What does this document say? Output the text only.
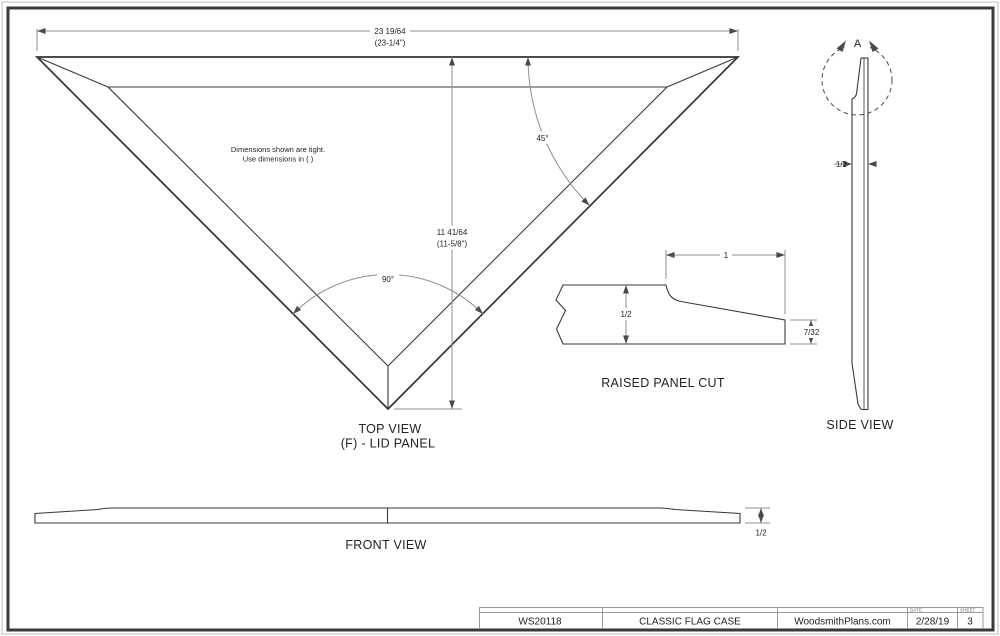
Dimensions shown are tight.
Use dimensions in ( )
23 19/64
(23-1/4")
11 41/64
(11-5/8")
45°
90°
TOP VIEW
(F) - LID PANEL
1
1/2
7/32
RAISED PANEL CUT
A
1/2
SIDE VIEW
1/2
FRONT VIEW
WS20118	CLASSIC FLAG CASE	WoodsmithPlans.com
DATE
2/28/19
SHEET
3
